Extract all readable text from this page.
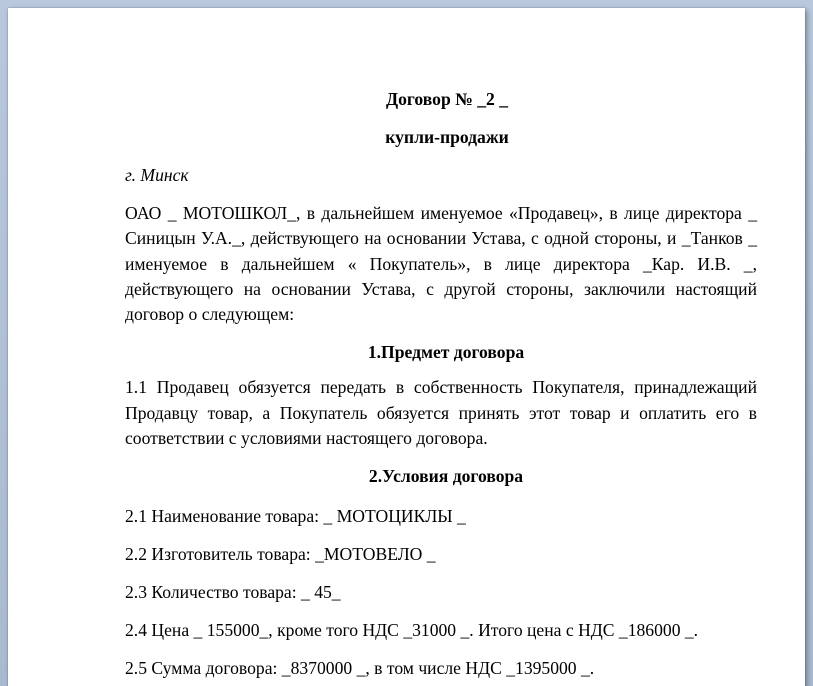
Договор № _2 _

купли-продажи

г. Минск
ОАО _ МОТОШКОЛ_, в дальнейшем именуемое «Продавец», в лице директора _ Синицын У.А._, действующего на основании Устава, с одной стороны, и _Танков _ именуемое в дальнейшем « Покупатель», в лице директора _Кар. И.В. _, действующего на основании Устава, с другой стороны, заключили настоящий договор о следующем:
1.Предмет договора
1.1 Продавец обязуется передать в собственность Покупателя, принадлежащий Продавцу товар, а Покупатель обязуется принять этот товар и оплатить его в соответствии с условиями настоящего договора.
2.Условия договора
2.1 Наименование товара: _ МОТОЦИКЛЫ _
2.2 Изготовитель товара: _МОТОВЕЛО _
2.3 Количество товара: _ 45_
2.4 Цена _ 155000_, кроме того НДС _31000 _. Итого цена с НДС _186000 _.
2.5 Сумма договора: _8370000 _, в том числе НДС _1395000 _.
